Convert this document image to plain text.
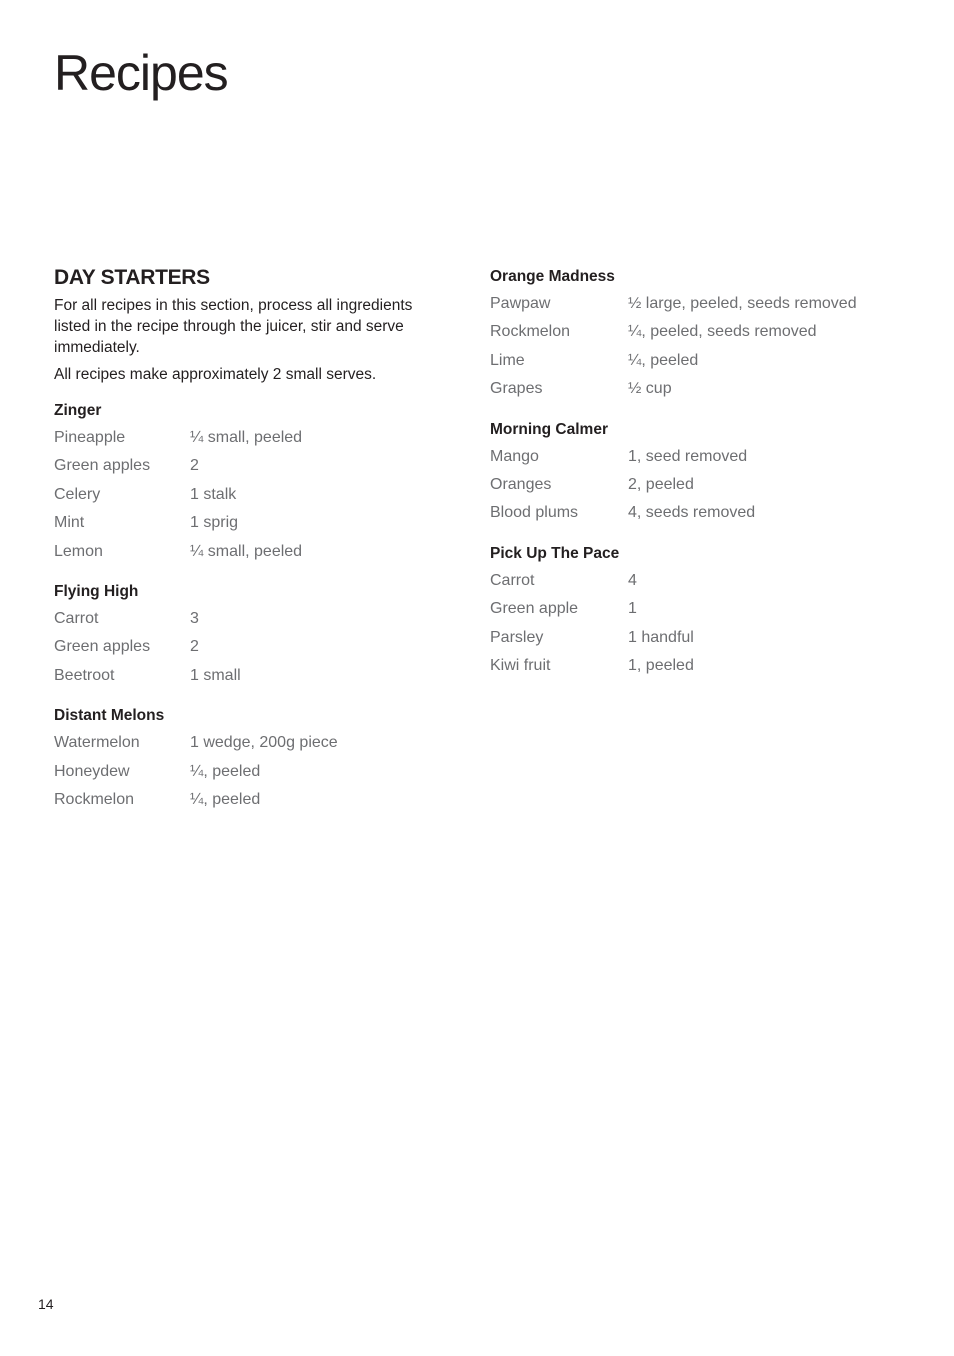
Recipes
DAY STARTERS

For all recipes in this section, process all ingredients listed in the recipe through the juicer, stir and serve immediately.

All recipes make approximately 2 small serves.

Zinger
Pineapple	¼ small, peeled
Green apples	2
Celery	1 stalk
Mint	1 sprig
Lemon	¼ small, peeled
Flying High
Carrot	3
Green apples	2
Beetroot	1 small
Distant Melons
Watermelon	1 wedge, 200g piece
Honeydew	¼, peeled
Rockmelon	¼, peeled
Orange Madness
Pawpaw	½ large, peeled, seeds removed
Rockmelon	¼, peeled, seeds removed
Lime	¼, peeled
Grapes	½ cup
Morning Calmer
Mango	1, seed removed
Oranges	2, peeled
Blood plums	4, seeds removed
Pick Up The Pace
Carrot	4
Green apple	1
Parsley	1 handful
Kiwi fruit	1, peeled
14
